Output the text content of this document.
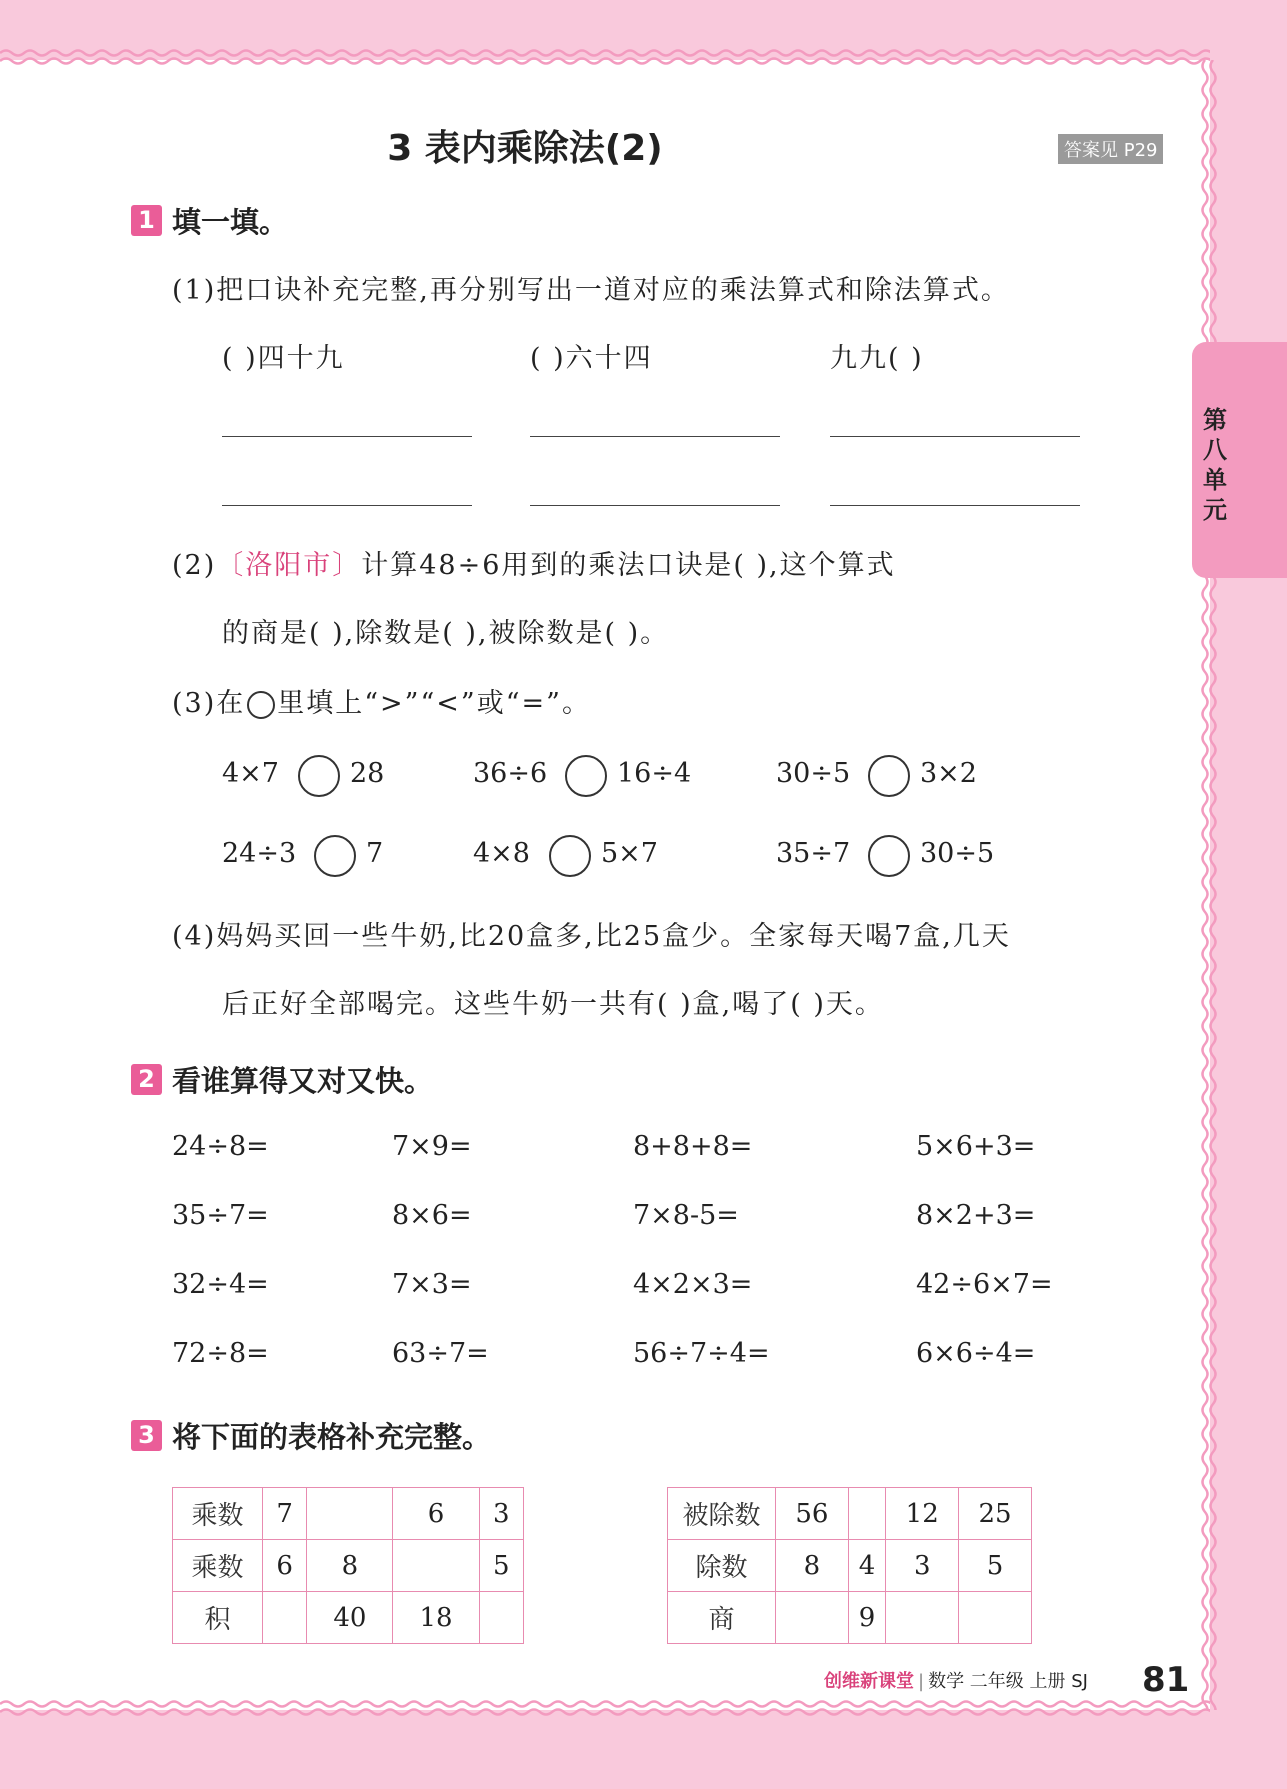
3 表内乘除法(2)	答案见 P29
第八单元
1 填一填。
(1)把口诀补充完整,再分别写出一道对应的乘法算式和除法算式。
( )四十九	( )六十四	九九( )
(2)〔洛阳市〕计算48÷6用到的乘法口诀是( ),这个算式
的商是( ),除数是( ),被除数是( )。
(3)在 里填上“>”“<”或“=”。
4×7	28	36÷6	16÷4	30÷5	3×2
24÷3	7	4×8	5×7	35÷7	30÷5
(4)妈妈买回一些牛奶,比20盒多,比25盒少。全家每天喝7盒,几天
后正好全部喝完。这些牛奶一共有( )盒,喝了( )天。
2 看谁算得又对又快。
24÷8=	7×9=	8+8+8=	5×6+3=
35÷7=	8×6=	7×8-5=	8×2+3=
32÷4=	7×3=	4×2×3=	42÷6×7=
72÷8=	63÷7=	56÷7÷4=	6×6÷4=
3 将下面的表格补充完整。
乘数	7		6	3
乘数	6	8		5
积		40	18	
被除数	56		12	25
除数	8	4	3	5
商		9		
创维新课堂 | 数学 二年级 上册 SJ 81
